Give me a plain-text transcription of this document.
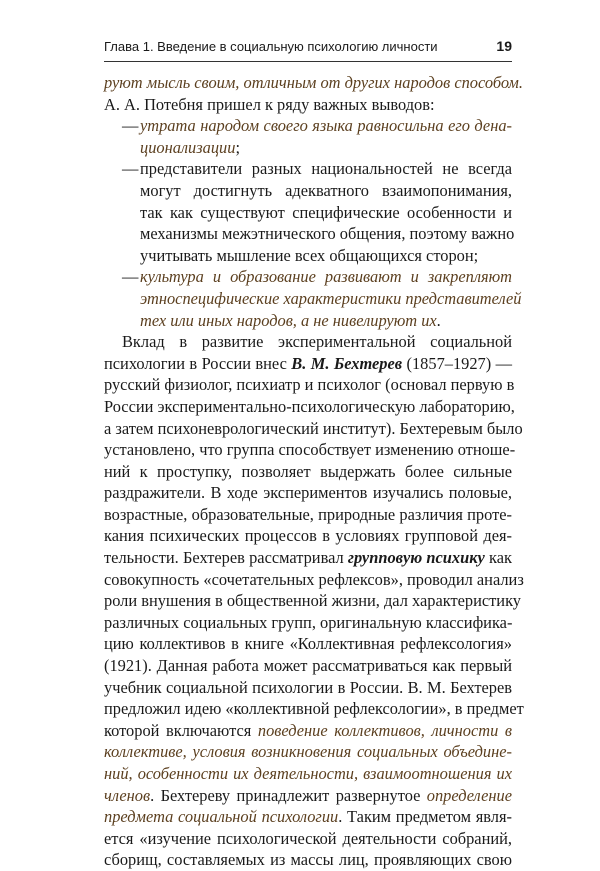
Глава 1. Введение в социальную психологию личности	19
руют мысль своим, отличным от других народов способом.
А. А. Потебня пришел к ряду важных выводов:
—утрата народом своего языка равносильна его дена-
ционализации;
—представители разных национальностей не всегда
могут достигнуть адекватного взаимопонимания,
так как существуют специфические особенности и
механизмы межэтнического общения, поэтому важно
учитывать мышление всех общающихся сторон;
—культура и образование развивают и закрепляют
этноспецифические характеристики представителей
тех или иных народов, а не нивелируют их.
Вклад в развитие экспериментальной социальной
психологии в России внес В. М. Бехтерев (1857–1927) —
русский физиолог, психиатр и психолог (основал первую в
России экспериментально-психологическую лабораторию,
а затем психоневрологический институт). Бехтеревым было
установлено, что группа способствует изменению отноше-
ний к проступку, позволяет выдержать более сильные
раздражители. В ходе экспериментов изучались половые,
возрастные, образовательные, природные различия проте-
кания психических процессов в условиях групповой дея-
тельности. Бехтерев рассматривал групповую психику как
совокупность «сочетательных рефлексов», проводил анализ
роли внушения в общественной жизни, дал характеристику
различных социальных групп, оригинальную классифика-
цию коллективов в книге «Коллективная рефлексология»
(1921). Данная работа может рассматриваться как первый
учебник социальной психологии в России. В. М. Бехтерев
предложил идею «коллективной рефлексологии», в предмет
которой включаются поведение коллективов, личности в
коллективе, условия возникновения социальных объедине-
ний, особенности их деятельности, взаимоотношения их
членов. Бехтереву принадлежит развернутое определение
предмета социальной психологии. Таким предметом явля-
ется «изучение психологической деятельности собраний,
сборищ, составляемых из массы лиц, проявляющих свою
